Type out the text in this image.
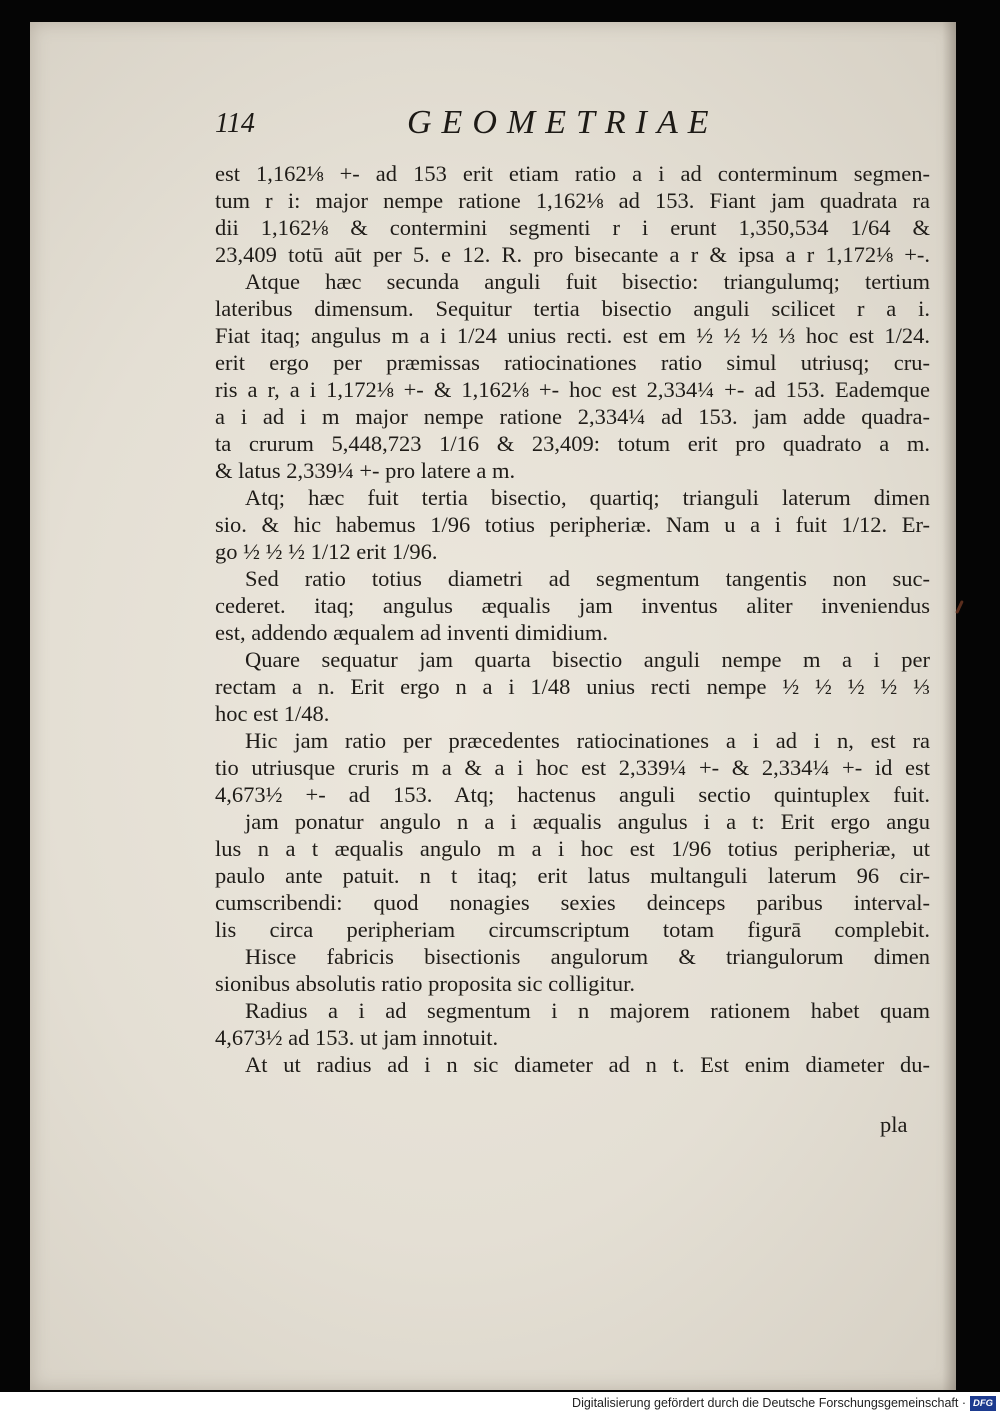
114	GEOMETRIAE
est 1,162⅛ +- ad 153 erit etiam ratio a i ad conterminum segmen-
tum r i: major nempe ratione 1,162⅛ ad 153. Fiant jam quadrata ra
dii 1,162⅛ & contermini segmenti r i erunt 1,350,534 1/64 &
23,409 totū aūt per 5. e 12. R. pro bisecante a r & ipsa a r 1,172⅛ +-.
Atque hæc secunda anguli fuit bisectio: triangulumq; tertium
lateribus dimensum. Sequitur tertia bisectio anguli scilicet r a i.
Fiat itaq; angulus m a i 1/24 unius recti. est em ½ ½ ½ ⅓ hoc est 1/24.
erit ergo per præmissas ratiocinationes ratio simul utriusq; cru-
ris a r, a i 1,172⅛ +- & 1,162⅛ +- hoc est 2,334¼ +- ad 153. Eademque
a i ad i m major nempe ratione 2,334¼ ad 153. jam adde quadra-
ta crurum 5,448,723 1/16 & 23,409: totum erit pro quadrato a m.
& latus 2,339¼ +- pro latere a m.
Atq; hæc fuit tertia bisectio, quartiq; trianguli laterum dimen
sio. & hic habemus 1/96 totius peripheriæ. Nam u a i fuit 1/12. Er-
go ½ ½ ½ 1/12 erit 1/96.
Sed ratio totius diametri ad segmentum tangentis non suc-
cederet. itaq; angulus æqualis jam inventus aliter inveniendus
est, addendo æqualem ad inventi dimidium.
Quare sequatur jam quarta bisectio anguli nempe m a i per
rectam a n. Erit ergo n a i 1/48 unius recti nempe ½ ½ ½ ½ ⅓
hoc est 1/48.
Hic jam ratio per præcedentes ratiocinationes a i ad i n, est ra
tio utriusque cruris m a & a i hoc est 2,339¼ +- & 2,334¼ +- id est
4,673½ +- ad 153. Atq; hactenus anguli sectio quintuplex fuit.
jam ponatur angulo n a i æqualis angulus i a t: Erit ergo angu
lus n a t æqualis angulo m a i hoc est 1/96 totius peripheriæ, ut
paulo ante patuit. n t itaq; erit latus multanguli laterum 96 cir-
cumscribendi: quod nonagies sexies deinceps paribus interval-
lis circa peripheriam circumscriptum totam figurā complebit.
Hisce fabricis bisectionis angulorum & triangulorum dimen
sionibus absolutis ratio proposita sic colligitur.
Radius a i ad segmentum i n majorem rationem habet quam
4,673½ ad 153. ut jam innotuit.
At ut radius ad i n sic diameter ad n t. Est enim diameter du-
pla
Digitalisierung gefördert durch die Deutsche Forschungsgemeinschaft · DFG
